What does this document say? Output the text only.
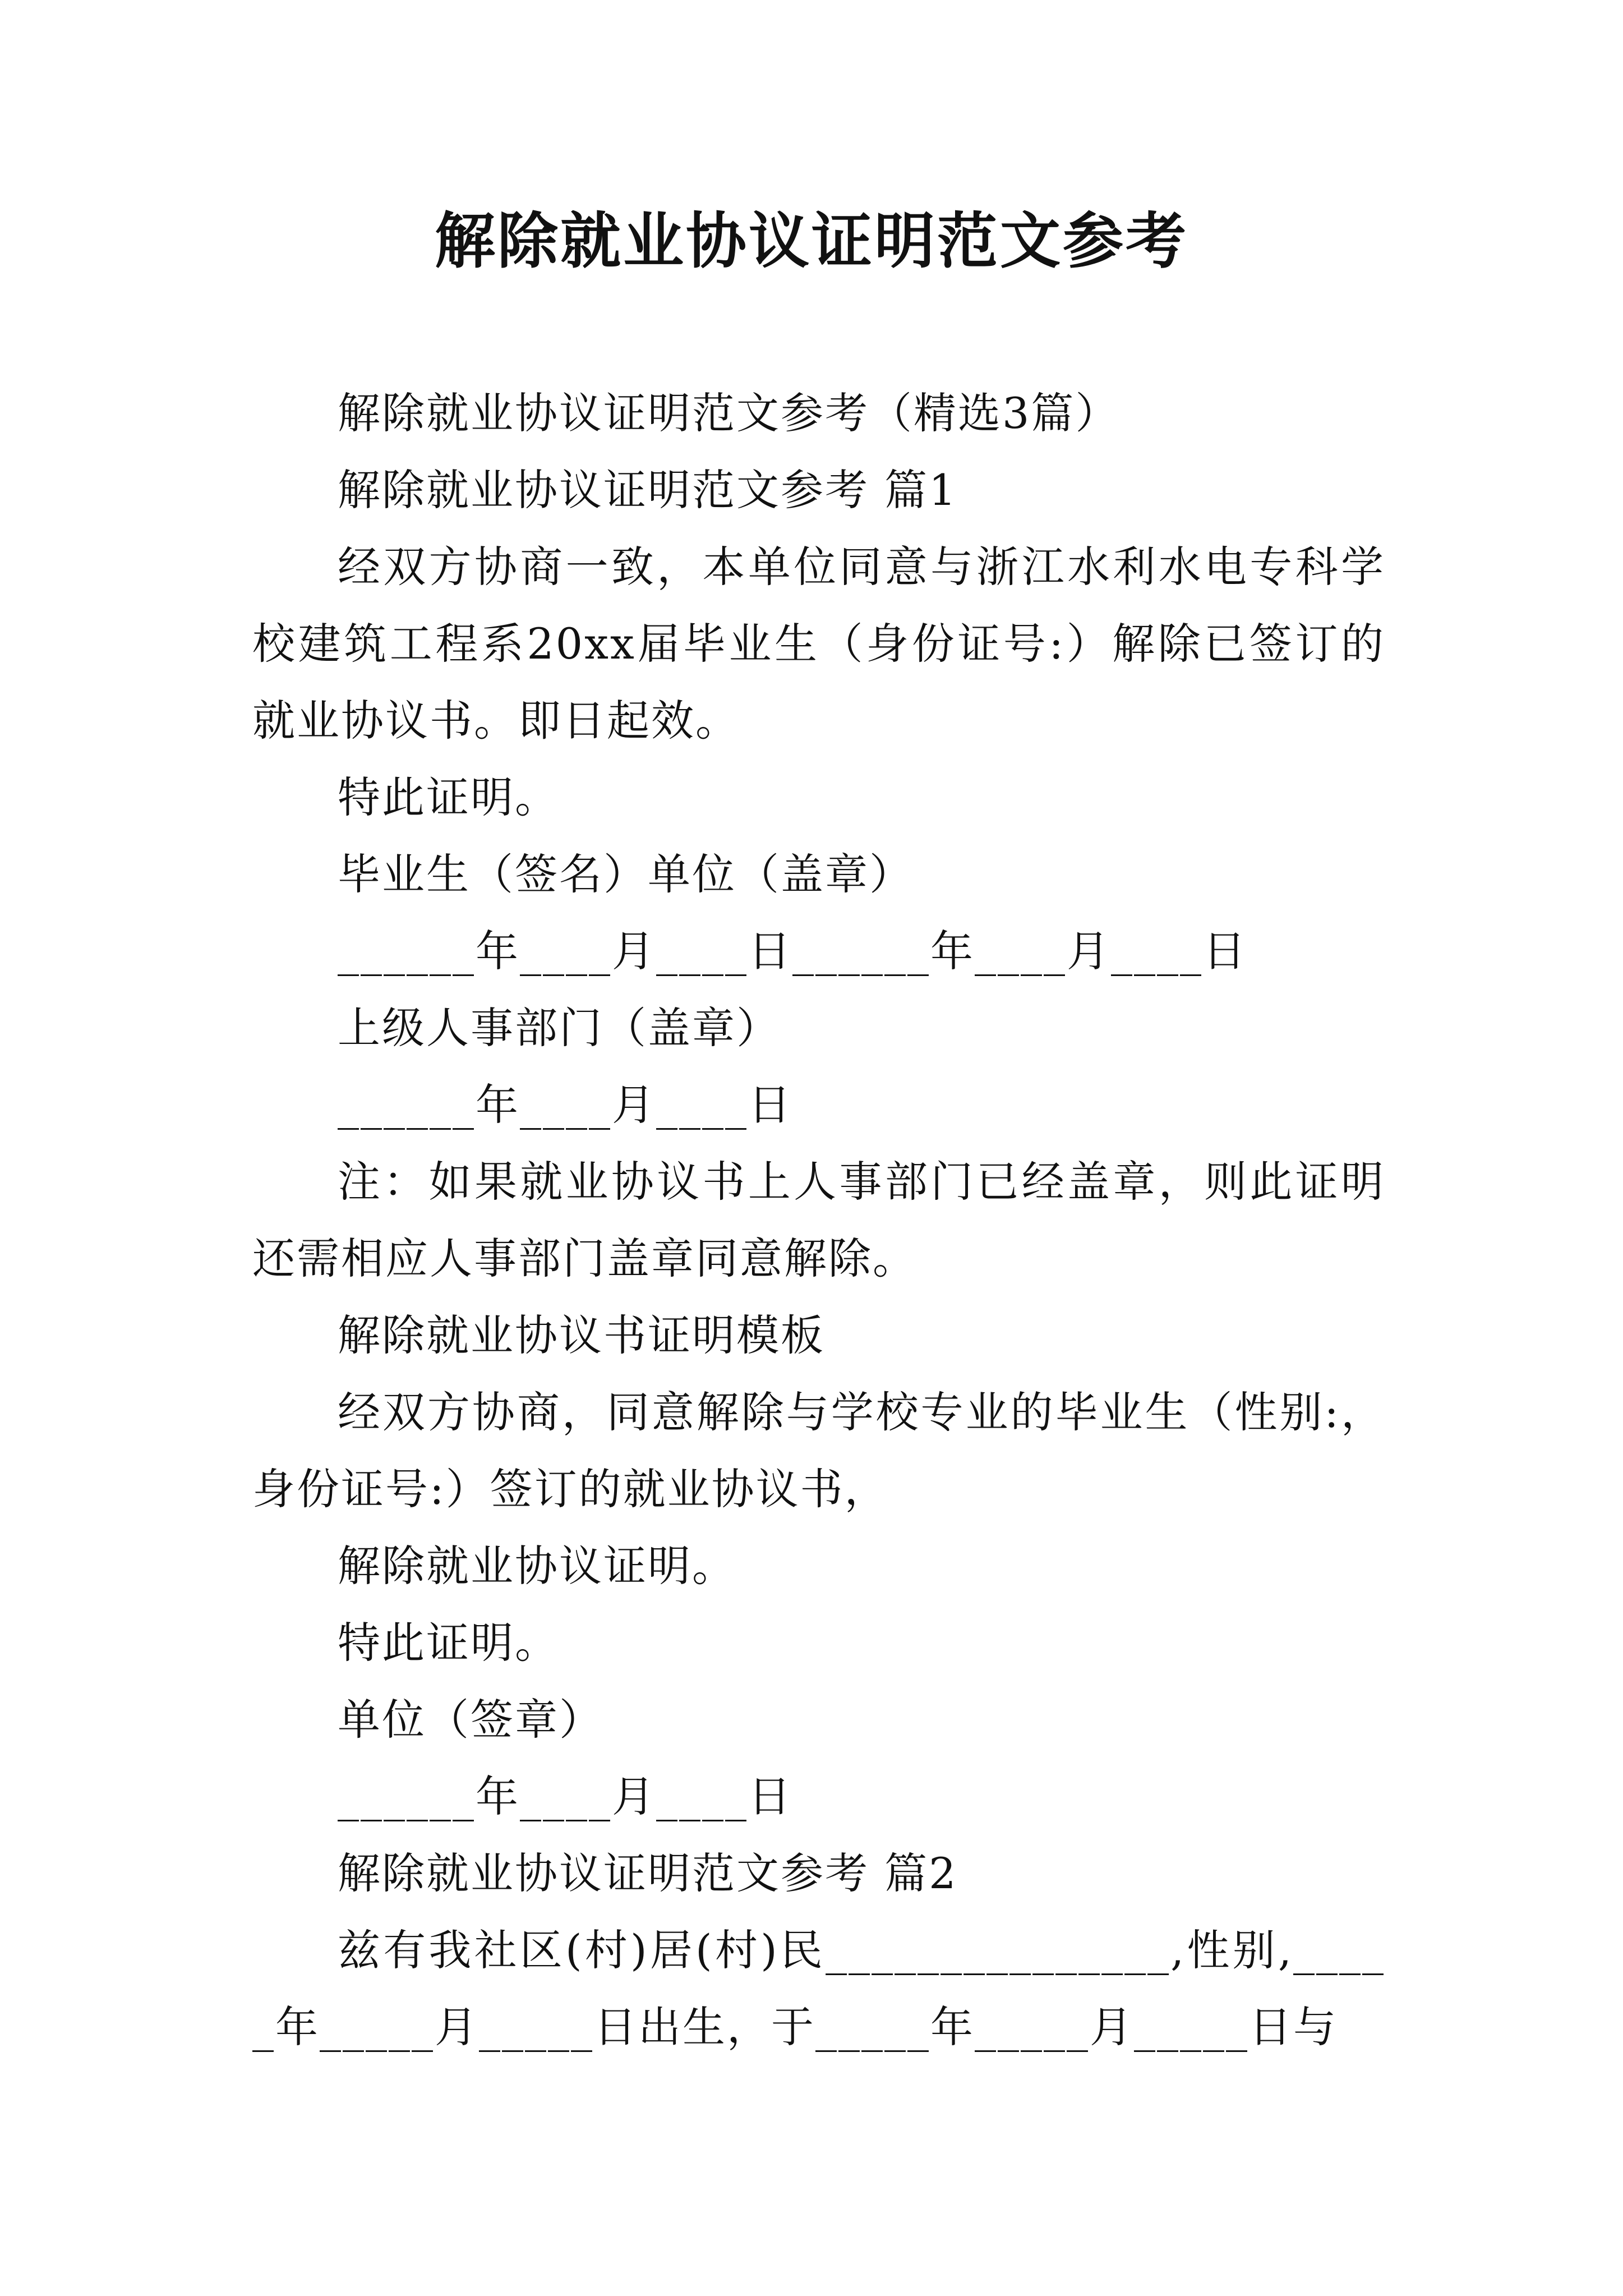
解除就业协议证明范文参考

解除就业协议证明范文参考（精选3篇）

解除就业协议证明范文参考 篇1

经双方协商一致，本单位同意与浙江水利水电专科学校建筑工程系20xx届毕业生（身份证号:）解除已签订的就业协议书。即日起效。

特此证明。

毕业生（签名）单位（盖章）

______年____月____日______年____月____日

上级人事部门（盖章）

______年____月____日

注：如果就业协议书上人事部门已经盖章，则此证明还需相应人事部门盖章同意解除。

解除就业协议书证明模板

经双方协商，同意解除与学校专业的毕业生（性别:，身份证号:）签订的就业协议书，

解除就业协议证明。

特此证明。

单位（签章）

______年____月____日

解除就业协议证明范文参考 篇2

兹有我社区(村)居(村)民_______________,性别,_____年_____月_____日出生，于_____年_____月_____日与
